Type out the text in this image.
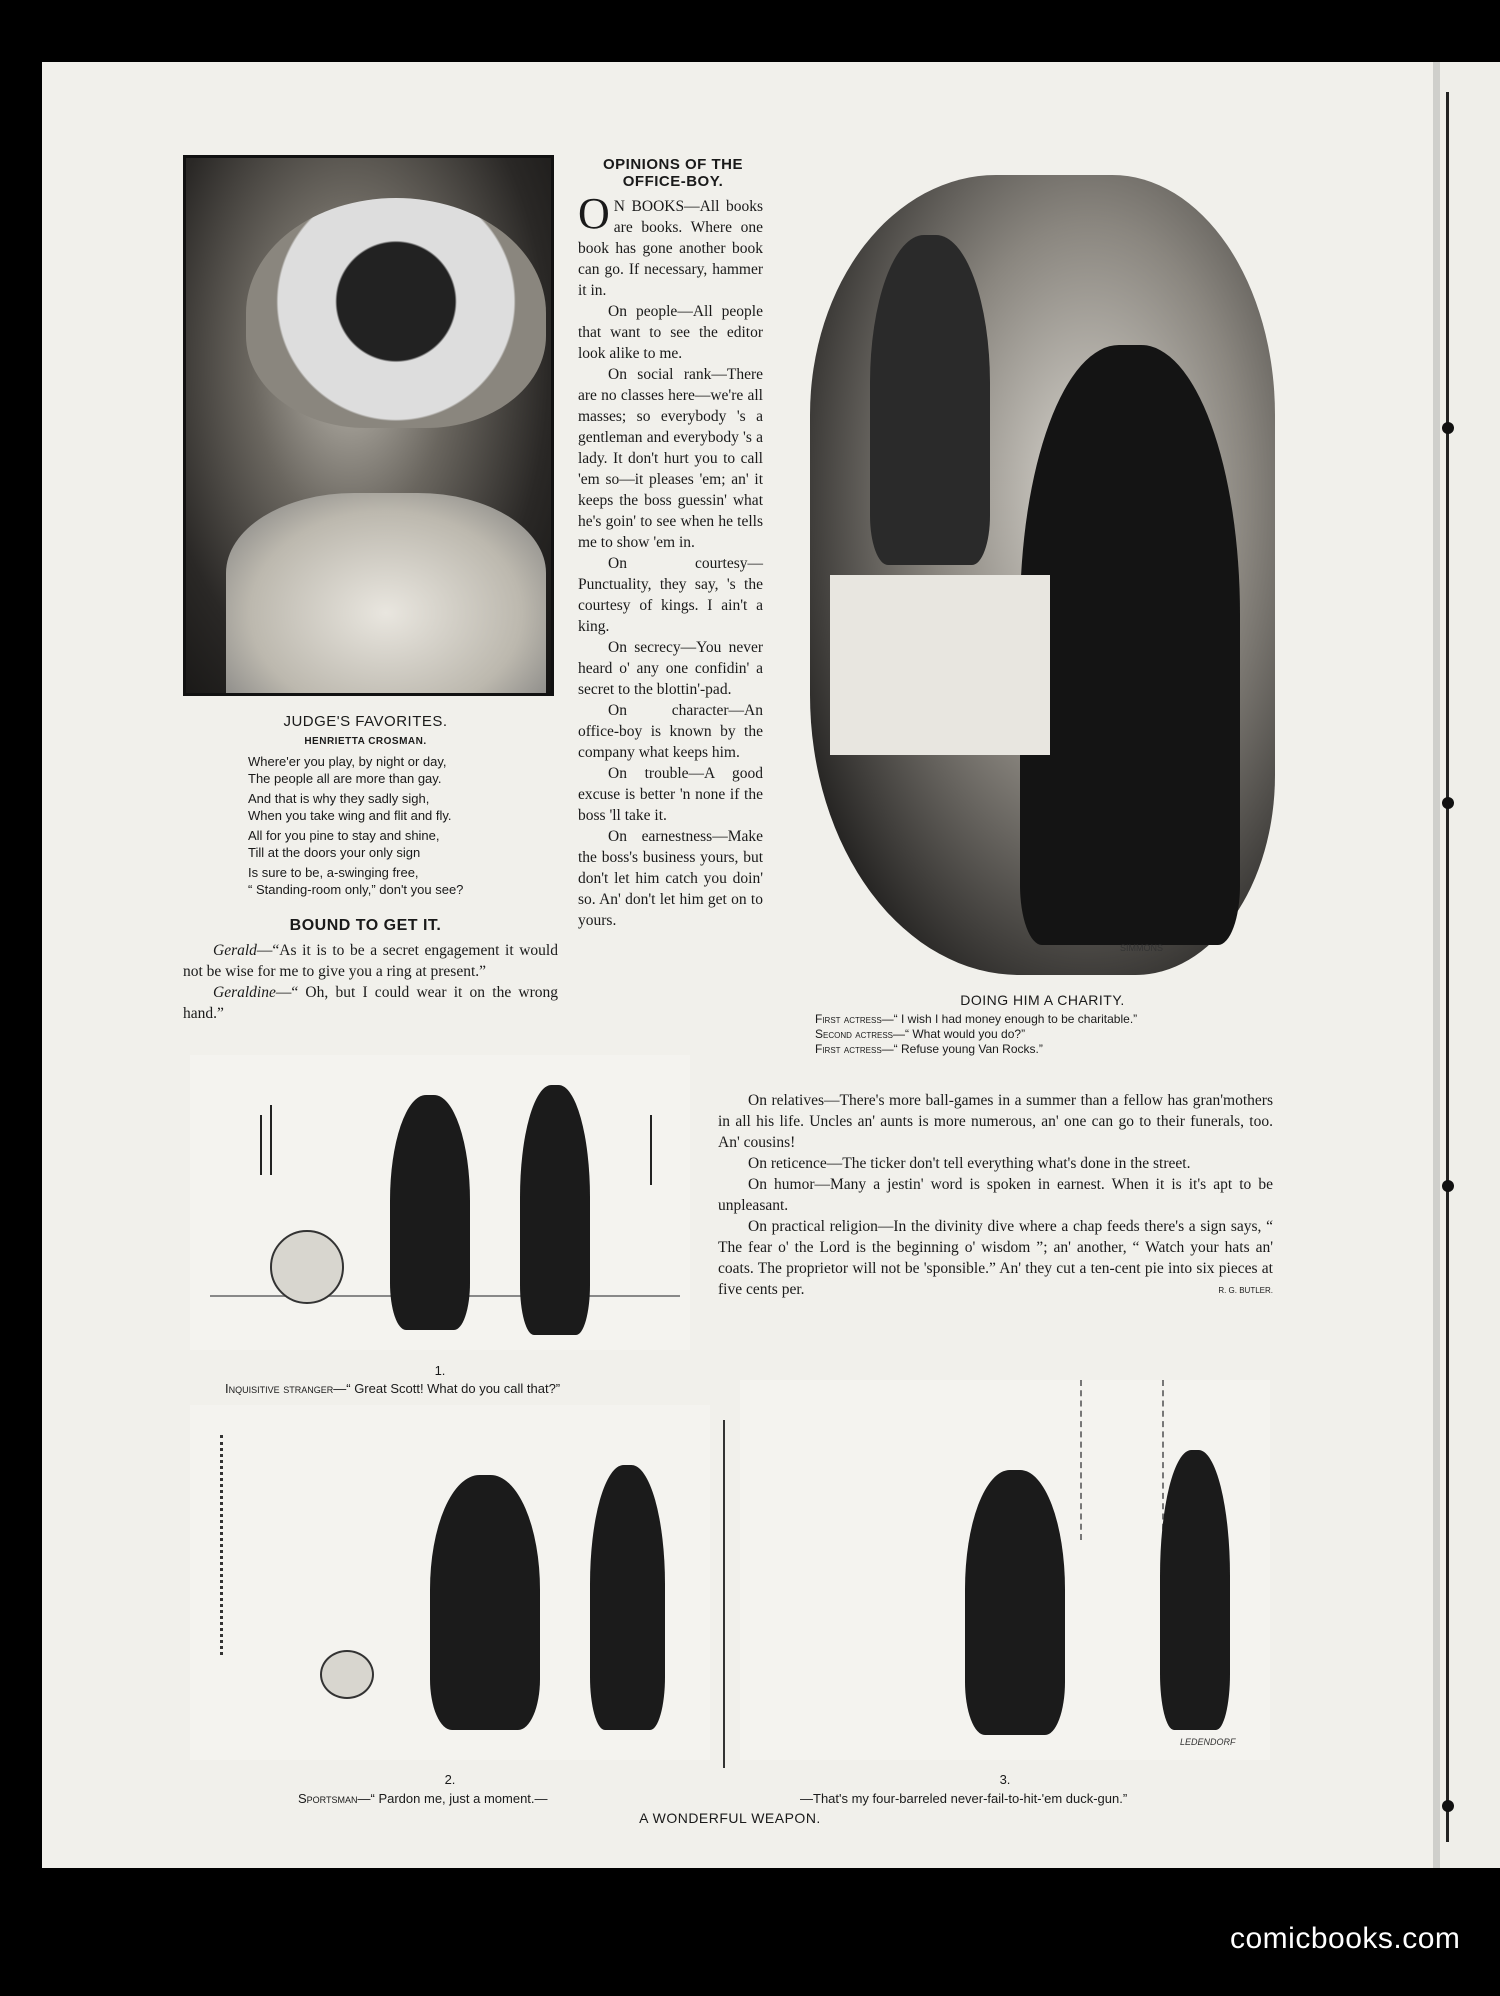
JUDGE'S FAVORITES.
HENRIETTA CROSMAN.
Where'er you play, by night or day,
The people all are more than gay.
And that is why they sadly sigh,
When you take wing and flit and fly.
All for you pine to stay and shine,
Till at the doors your only sign
Is sure to be, a-swinging free,
“ Standing-room only,” don't you see?
BOUND TO GET IT.

Gerald—“As it is to be a secret engagement it would not be wise for me to give you a ring at present.”

Geraldine—“ Oh, but I could wear it on the wrong hand.”

OPINIONS OF THE
OFFICE-BOY.

O N BOOKS—All books are books. Where one book has gone another book can go. If necessary, hammer it in.

On people—All people that want to see the editor look alike to me.

On social rank—There are no classes here—we're all masses; so everybody 's a gentleman and everybody 's a lady. It don't hurt you to call 'em so—it pleases 'em; an' it keeps the boss guessin' what he's goin' to see when he tells me to show 'em in.

On courtesy—Punctuality, they say, 's the courtesy of kings. I ain't a king.

On secrecy—You never heard o' any one confidin' a secret to the blottin'-pad.

On character—An office-boy is known by the company what keeps him.

On trouble—A good excuse is better 'n none if the boss 'll take it.

On earnestness—Make the boss's business yours, but don't let him catch you doin' so. An' don't let him get on to yours.

SIMMONS
DOING HIM A CHARITY.
First actress—“ I wish I had money enough to be charitable.”
Second actress—“ What would you do?”
First actress—“ Refuse young Van Rocks.”
1.
Inquisitive stranger—“ Great Scott! What do you call that?”

On relatives—There's more ball-games in a summer than a fellow has gran'mothers in all his life. Uncles an' aunts is more numerous, an' one can go to their funerals, too. An' cousins!

On reticence—The ticker don't tell everything what's done in the street.

On humor—Many a jestin' word is spoken in earnest. When it is it's apt to be unpleasant.

On practical religion—In the divinity dive where a chap feeds there's a sign says, “ The fear o' the Lord is the beginning o' wisdom ”; an' another, “ Watch your hats an' coats. The proprietor will not be 'sponsible.” An' they cut a ten-cent pie into six pieces at five cents per.	R. G. BUTLER.
LEDENDORF
2.	3.
Sportsman—“ Pardon me, just a moment.—	—That's my four-barreled never-fail-to-hit-'em duck-gun.”
A WONDERFUL WEAPON.
comicbooks.com
